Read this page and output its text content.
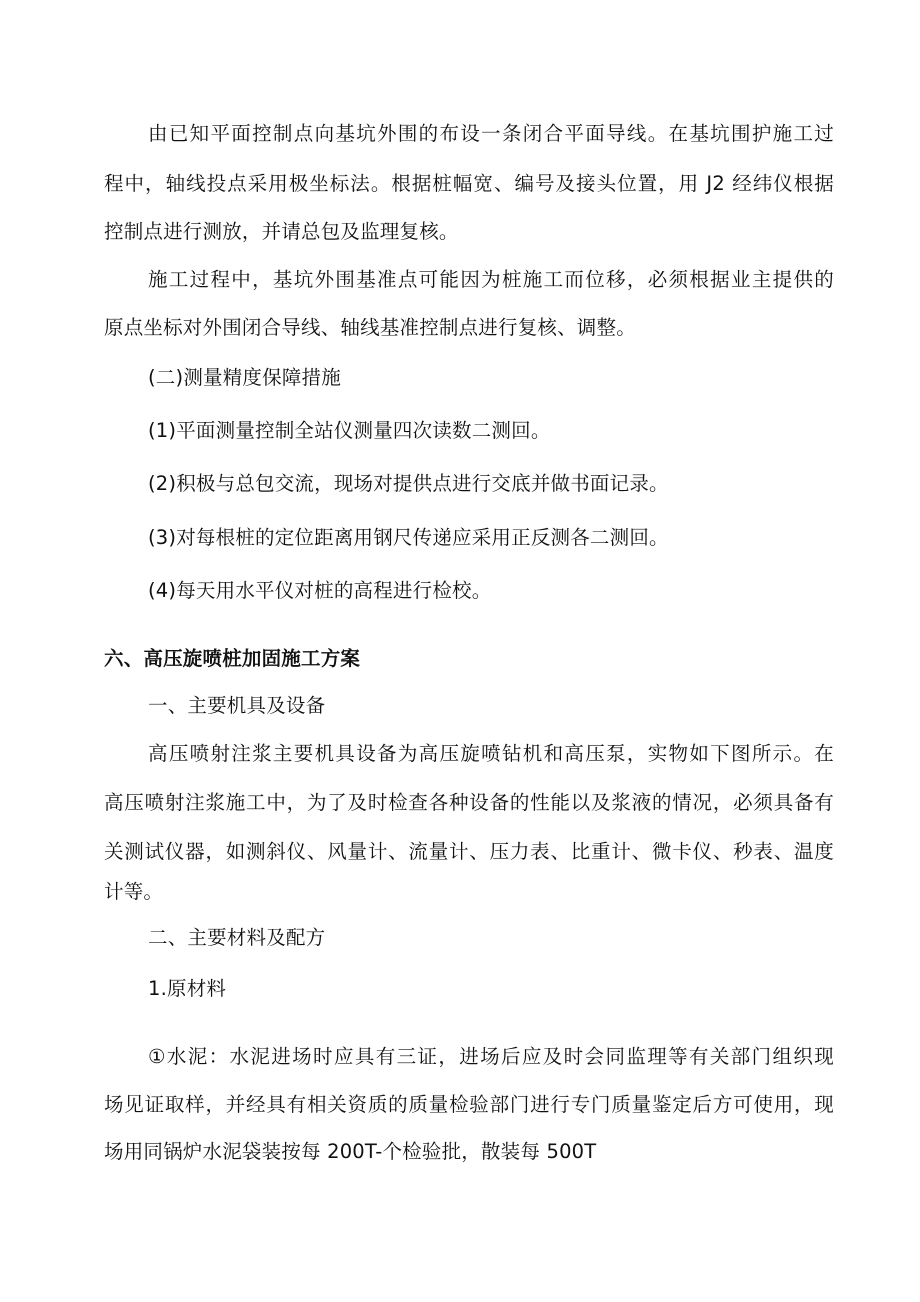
由已知平面控制点向基坑外围的布设一条闭合平面导线。在基坑围护施工过
程中，轴线投点采用极坐标法。根据桩幅宽、编号及接头位置，用 J2 经纬仪根据
控制点进行测放，并请总包及监理复核。
施工过程中，基坑外围基准点可能因为桩施工而位移，必须根据业主提供的
原点坐标对外围闭合导线、轴线基准控制点进行复核、调整。
(二)测量精度保障措施
(1)平面测量控制全站仪测量四次读数二测回。
(2)积极与总包交流，现场对提供点进行交底并做书面记录。
(3)对每根桩的定位距离用钢尺传递应采用正反测各二测回。
(4)每天用水平仪对桩的高程进行检校。
六、高压旋喷桩加固施工方案
一、主要机具及设备
高压喷射注浆主要机具设备为高压旋喷钻机和高压泵，实物如下图所示。在
高压喷射注浆施工中，为了及时检查各种设备的性能以及浆液的情况，必须具备有
关测试仪器，如测斜仪、风量计、流量计、压力表、比重计、微卡仪、秒表、温度
计等。
二、主要材料及配方
1.原材料
①水泥：水泥进场时应具有三证，进场后应及时会同监理等有关部门组织现
场见证取样，并经具有相关资质的质量检验部门进行专门质量鉴定后方可使用，现
场用同锅炉水泥袋装按每 200T-个检验批，散装每 500T
